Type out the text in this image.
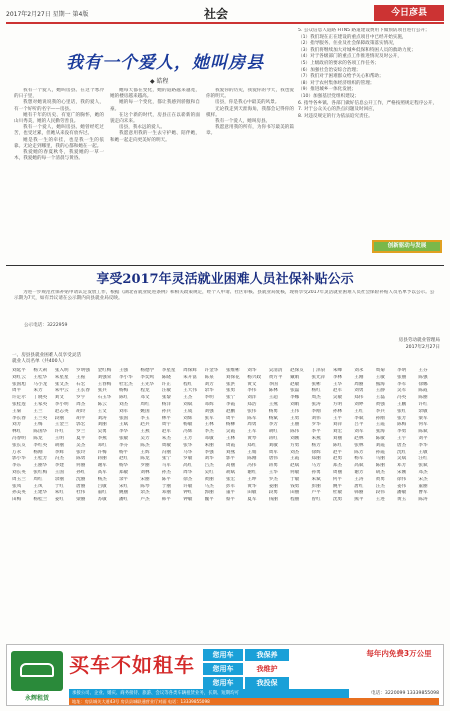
2017年2月27日 星期一 第4版	社会	今日彦县
我有一个爱人，她叫房县
◆ 皓程

我有一个爱人，她叫房县。在这个寒冷的日子里，

我想对她说说我的心里话，我的爱人，有一个好听的名字——房县。

她有千年的历史、有宽广的胸怀，她的山川秀美，她的人民勤劳善良。

我有一个爱人，她叫房县。她曾经吃过苦，也受过累，但她从来没有放弃过。

她是我一生的牵挂，也是我一生的依靠。无论走到哪里，我的心都和她在一起。

我爱她的春夏秋冬，我爱她的一草一木，我爱她的每一个清晨与黄昏。

她每天都在变化，她的道路越来越宽，她的楼房越来越高。

她的每一个变化，都让我感到骄傲和自豪。

在这个新的时代，房县正在以崭新的面貌走向未来。

房县，我永远的爱人。

我愿意用我的一生去守护她、陪伴她，和她一起走向更美好的明天。

我爱你的历史，我爱你的今天，我也爱你的明天。

房县，你是我心中最美的风景。

无论我走到天涯海角，我都会记得你的模样。

我有一个爱人，她叫房县。

我愿意用我的所有，为你书写最美的篇章。

5. 公众信息人道路 HTN5 路道建设费用下做预防项目进行公开；

（1）我们现在正在建设的重点项目中已经开始实施，

（2）指导服务、住业及社会保障政策落实情况，

（3）我们将继续加大对城乡低保和特困人员的救助力度；

（4）对于各级部门的重点工作推进情况及时公开，

（5）上级政府的要求的各项工作任务；

（6）加强社会治安综合治理；

（7）我们对于困难群众给予关心和帮助；

（8）对于农村集体经济组织的管理；

（9）推进城乡一体化发展；

（10）加强基层党组织建设；

6. 指导各乡镇、各部门做好信息公开工作，严格按照规定程序公开，

7. 对于公众关心的热点问题及时回应，

8. 对违反规定的行为依法追究责任。

创新驱动与发展
享受2017年灵活就业困难人员社保补贴公示
为进一步规范社保补贴申请认定发放工作，根据《湖北省就业促进条例》和相关政策规定，经个人申请、社区审核、县就业局复核，现将享受2017年灵活就业困难人员社会保险补贴人员名单予以公示。公示期为7天，如有异议请在公示期内向县就业局反映。
公示电话：3222959
房县劳动就业管理局
2017年2月27日
一、房县县就业困难人员享受灵活就业人员名单（共400人）
刘延平	杨天莉	张入明	罗明强	金红梅	王强	杨德学	李星星	周保辉	许金华	张维彬	刘华	吴清清	赵保友	丁泽泉	朱峰	刘永	周菊	李明	王芬
刘红云	王桂华	朱星星	王振	刘强荣	李小华	李奕鸣	陈晓	朱开富	陈泉	刘保花	杨兴政	黄方平	戴娟	张光萍	李林	王刚	王敏	张丽	陈强
张国旭	马小龙	张文杰	石宏	王春梅	杜宏杰	王先华	许正	程红	刘芳	张洪	黄文	李国	赵敏	张彬	王华	周丽	熊海	李军	徐娜
周平	朱芳	朱中云	王长春	张兵	杨梅	程龙	汪敏	王大伟	余华	张勇	李伟	陈林	张磊	杨红	赵军	刘勇	王静	吴军	陈霞
许定尔	丁晓英	刘文	罗宇	石玉华	陈红	邓文	张黎	王杰	李明	张宁	刘洋	王超	李娜	周杰	吴敏	郑伟	王磊	冯英	陈丽
张桂莲	王家英	李小明	周杰	陈云	刘杰	周红	杨洋	刘斌	邓辉	李霞	郑浩	王燕	刘娟	张涛	方明	刘婷	黄强	王鹏	许红
王菊	王兰	赵志英	胡玲	王文	刘军	姚国	孙兵	王成	刘强	赵鹏	张伟	杨勇	王伟	李刚	孙林	王红	李兵	张红	余敏
李长春	王兰英	段丽	胡平	刘涛	张国	李玉	林平	刘辉	张军	周平	陈军	杨斌	王勇	刘伟	王平	李斌	孙刚	张芳	梁军
刘芳	王梅	王金兰	郭宏	刘丽	王斌	赵兵	周宇	杨敏	王林	杨柳	周勇	李芳	王丽	罗华	刘萍	吕平	王霞	陈梅	何军
林红	陈国华	许红	罗兰	吴勇	李华	王燕	赵军	冯辉	李杰	吴霞	王军	胡红	陈伟	李平	刘宏	刘军	张海	李勇	陈斌
冯春明	陈龙	王明	夏平	李燕	张敏	吴芳	朱杰	王芳	邓敏	王林	黄琴	蒋红	刘刚	朱燕	刘丽	赵林	陈敏	王宇	刘平
张长友	李红英	胡丽	吴杰	邓红	李芬	陈杰	周敏	张华	朱丽	周霞	郑红	刘敏	方勇	杨芳	陈红	张林	刘霞	唐杰	李华
万永	杨刚	李辉	张玲	许梅	杨平	王辉	冯丽	马华	李强	刘燕	王娟	周军	刘杰	徐辉	赵平	陈芳	孙霞	沈红	王敏
郭小华	王桂芳	冯杰	陈勇	蒋丽	赵红	陈龙	张宁	罗敏	刘华	郭平	陈刚	唐伟	王霞	郑丽	赵勇	杨军	马丽	吴斌	汪红
李东	王丽华	李建	何丽	谢军	杨华	罗丽	马军	高红	吕杰	高丽	冯伟	蒋勇	赵斌	马芳	郑杰	高斌	陈丽	邓芳	张斌
刘长英	张红梅	王国	孙红	高军	郑敏	刘林	孙杰	周华	吴红	胡斌	谢红	王华	何敏	孙勇	周丽	谢芳	胡杰	宋刚	邓杰
周玉兰	周红	余丽	沈丽	杨杰	余平	宋丽	陈平	徐杰	黄丽	张宏	王坤	罗杰	于敏	朱斌	何平	王涛	黄勇	徐伟	宋杰
张凤	王凤	于红	唐丽	吕敏	宋红	陈琴	于丽	许敏	马杰	彭军	黄华	姜丽	钱勇	彭丽	姚平	唐红	汪杰	姜伟	董丽
孙美英	王建华	朱红	杜伟	董红	姚丽	余杰	邓丽	钟红	郭丽	董平	田敏	段勇	田丽	卢平	杜敏	韩丽	段伟	潘敏	曹军
田梅	杨桂兰	姜红	梁丽	苏敏	潘红	卢杰	韩平	钟敏	魏平	蔡平	夏军	钱丽	程丽	曾红	沈勇	熊平	王进	黄玉	陈涛
永辉租赁
买车不如租车	您用车	我保养
您用车	我维护
您用车	我投保
每年内免费3万公里
承接公司、企业、婚庆、商务接待、旅游、会议等各类车辆租赁业务，长期、短期均可
地址：房县城关大道43号 房县县城联通营业厅对面 电话：13339855098
电话：3220099 13339855098
